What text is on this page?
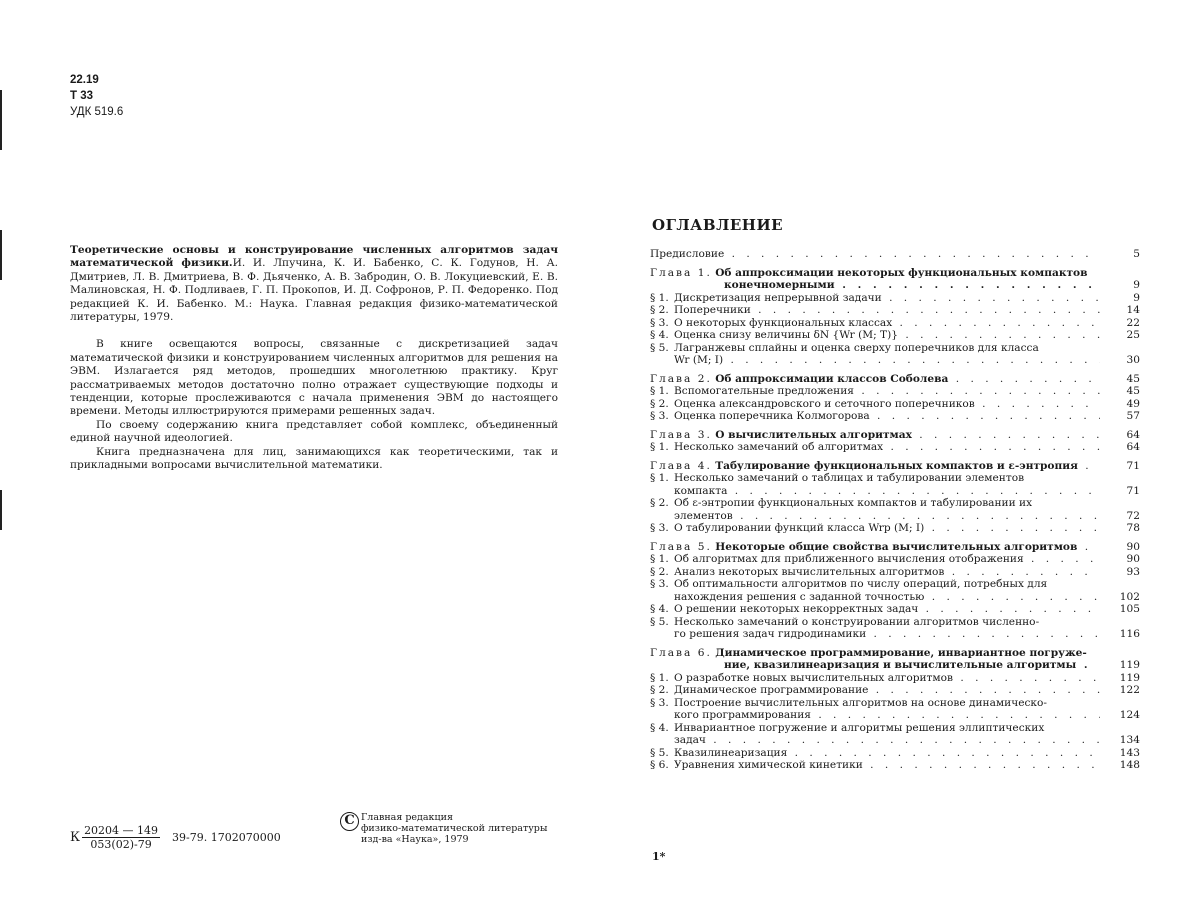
22.19
Т 33
УДК 519.6

Теоретические основы и конструирование численных алгоритмов задач математической физики.И. И. Лпучина, К. И. Бабенко, С. К. Годунов, Н. А. Дмитриев, Л. В. Дмитриева, В. Ф. Дьяченко, А. В. Забродин, О. В. Локуциевский, Е. В. Малиновская, Н. Ф. Подливаев, Г. П. Прокопов, И. Д. Софронов, Р. П. Федоренко. Под редакцией К. И. Бабенко. М.: Наука. Главная редакция физико-математической литературы, 1979.

В книге освещаются вопросы, связанные с дискретизацией задач математической физики и конструированием численных алгоритмов для решения на ЭВМ. Излагается ряд методов, прошедших многолетнюю практику. Круг рассматриваемых методов достаточно полно отражает существующие подходы и тенденции, которые прослеживаются с начала применения ЭВМ до настоящего времени. Методы иллюстрируются примерами решенных задач.

По своему содержанию книга представляет собой комплекс, объединенный единой научной идеологией.

Книга предназначена для лиц, занимающихся как теоретическими, так и прикладными вопросами вычислительной математики.

К $\frac{20204 — 149}{053(02)-79} 39-79$. 1702070000
C Главная редакция
физико-математической литературы
изд-ва «Наука», 1979
ОГЛАВЛЕНИЕ
Предисловие . . .	5
Глава 1. Об аппроксимации некоторых функциональных компактов
конечномерными . . .	9
§ 1. Дискретизация непрерывной задачи . . .	9
§ 2. Поперечники . . .	14
§ 3. О некоторых функциональных классах . . .	22
§ 4. Оценка снизу величины δN {Wr (M; T)} . . .	25
§ 5. Лагранжевы сплайны и оценка сверху поперечников для класса
Wr (M; I) . . .	30
Глава 2. Об аппроксимации классов Соболева . . .	45
§ 1. Вспомогательные предложения . . .	45
§ 2. Оценка александровского и сеточного поперечников . . .	49
§ 3. Оценка поперечника Колмогорова . . .	57
Глава 3. О вычислительных алгоритмах . . .	64
§ 1. Несколько замечаний об алгоритмах . . .	64
Глава 4. Табулирование функциональных компактов и ε-энтропия . . .	71
§ 1. Несколько замечаний о таблицах и табулировании элементов
компакта . . .	71
§ 2. Об ε-энтропии функциональных компактов и табулировании их
элементов . . .	72
§ 3. О табулировании функций класса Wrp (M; I) . . .	78
Глава 5. Некоторые общие свойства вычислительных алгоритмов . . .	90
§ 1. Об алгоритмах для приближенного вычисления отображения . . .	90
§ 2. Анализ некоторых вычислительных алгоритмов . . .	93
§ 3. Об оптимальности алгоритмов по числу операций, потребных для
нахождения решения с заданной точностью . . .	102
§ 4. О решении некоторых некорректных задач . . .	105
§ 5. Несколько замечаний о конструировании алгоритмов численно-
го решения задач гидродинамики . . .	116
Глава 6. Динамическое программирование, инвариантное погруже-
ние, квазилинеаризация и вычислительные алгоритмы . . .	119
§ 1. О разработке новых вычислительных алгоритмов . . .	119
§ 2. Динамическое программирование . . .	122
§ 3. Построение вычислительных алгоритмов на основе динамическо-
кого программирования . . .	124
§ 4. Инвариантное погружение и алгоритмы решения эллиптических
задач . . .	134
§ 5. Квазилинеаризация . . .	143
§ 6. Уравнения химической кинетики . . .	148
1*
